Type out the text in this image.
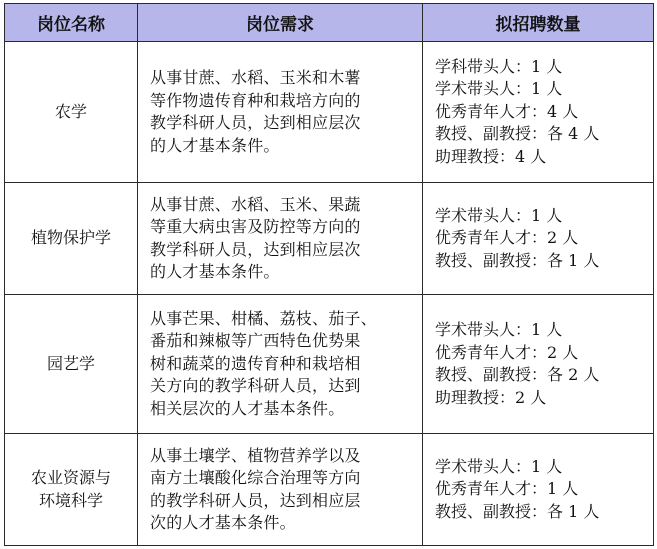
岗位名称	岗位需求	拟招聘数量
农学	从事甘蔗、水稻、玉米和木薯
等作物遗传育种和栽培方向的
教学科研人员，达到相应层次
的人才基本条件。	学科带头人：1 人
学术带头人：1 人
优秀青年人才：4 人
教授、副教授：各 4 人
助理教授：4 人

植物保护学	从事甘蔗、水稻、玉米、果蔬
等重大病虫害及防控等方向的
教学科研人员，达到相应层次
的人才基本条件。	学术带头人：1 人
优秀青年人才：2 人
教授、副教授：各 1 人

园艺学	从事芒果、柑橘、荔枝、茄子、
番茄和辣椒等广西特色优势果
树和蔬菜的遗传育种和栽培相
关方向的教学科研人员，达到
相关层次的人才基本条件。	学术带头人：1 人
优秀青年人才：2 人
教授、副教授：各 2 人
助理教授：2 人

农业资源与
环境科学	从事土壤学、植物营养学以及
南方土壤酸化综合治理等方向
的教学科研人员，达到相应层
次的人才基本条件。	学术带头人：1 人
优秀青年人才：1 人
教授、副教授：各 1 人
